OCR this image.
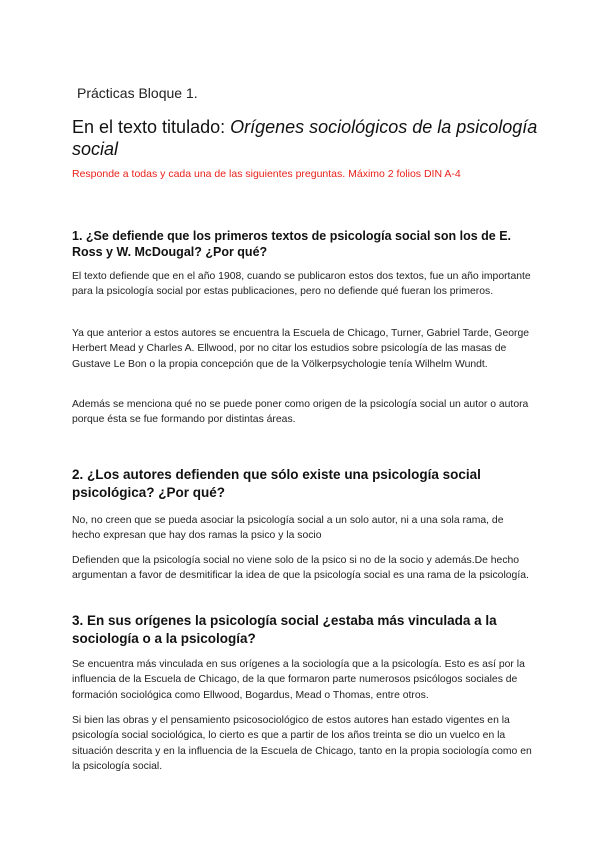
Prácticas Bloque 1.
En el texto titulado: Orígenes sociológicos de la psicología social
Responde a todas y cada una de las siguientes preguntas. Máximo 2 folios DIN A-4
1. ¿Se defiende que los primeros textos de psicología social son los de E. Ross y W. McDougal? ¿Por qué?
El texto defiende que en el año 1908, cuando se publicaron estos dos textos, fue un año importante para la psicología social por estas publicaciones, pero no defiende qué fueran los primeros.
Ya que anterior a estos autores se encuentra la Escuela de Chicago, Turner, Gabriel Tarde, George Herbert Mead y Charles A. Ellwood, por no citar los estudios sobre psicología de las masas de Gustave Le Bon o la propia concepción que de la Völkerpsychologie tenía Wilhelm Wundt.
Además se menciona qué no se puede poner como origen de la psicología social un autor o autora porque ésta se fue formando por distintas áreas.
2. ¿Los autores defienden que sólo existe una psicología social psicológica? ¿Por qué?
No, no creen que se pueda asociar la psicología social a un solo autor, ni a una sola rama, de hecho expresan que hay dos ramas la psico y la socio
Defienden que la psicología social no viene solo de la psico si no de la socio y además.De hecho argumentan a favor de desmitificar la idea de que la psicología social es una rama de la psicología.
3. En sus orígenes la psicología social ¿estaba más vinculada a la sociología o a la psicología?
Se encuentra más vinculada en sus orígenes a la sociología que a la psicología. Esto es así por la influencia de la Escuela de Chicago, de la que formaron parte numerosos psicólogos sociales de formación sociológica como Ellwood, Bogardus, Mead o Thomas, entre otros.
Si bien las obras y el pensamiento psicosociológico de estos autores han estado vigentes en la psicología social sociológica, lo cierto es que a partir de los años treinta se dio un vuelco en la situación descrita y en la influencia de la Escuela de Chicago, tanto en la propia sociología como en la psicología social.
